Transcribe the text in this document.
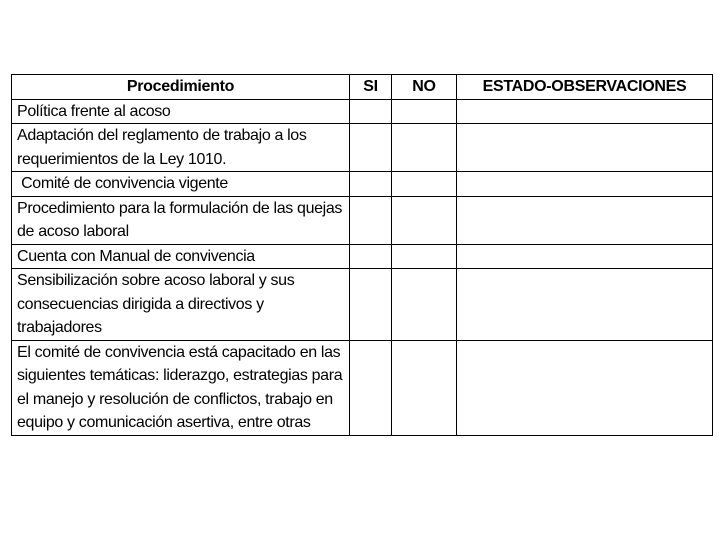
Procedimiento	SI	NO	ESTADO-OBSERVACIONES

Política frente al acoso			

Adaptación del reglamento de trabajo a los requerimientos de la Ley 1010.			

Comité de convivencia vigente			

Procedimiento para la formulación de las quejas de acoso laboral			

Cuenta con Manual de convivencia			

Sensibilización sobre acoso laboral y sus consecuencias dirigida a directivos y trabajadores			

El comité de convivencia está capacitado en las siguientes temáticas: liderazgo, estrategias para el manejo y resolución de conflictos, trabajo en equipo y comunicación asertiva, entre otras			
